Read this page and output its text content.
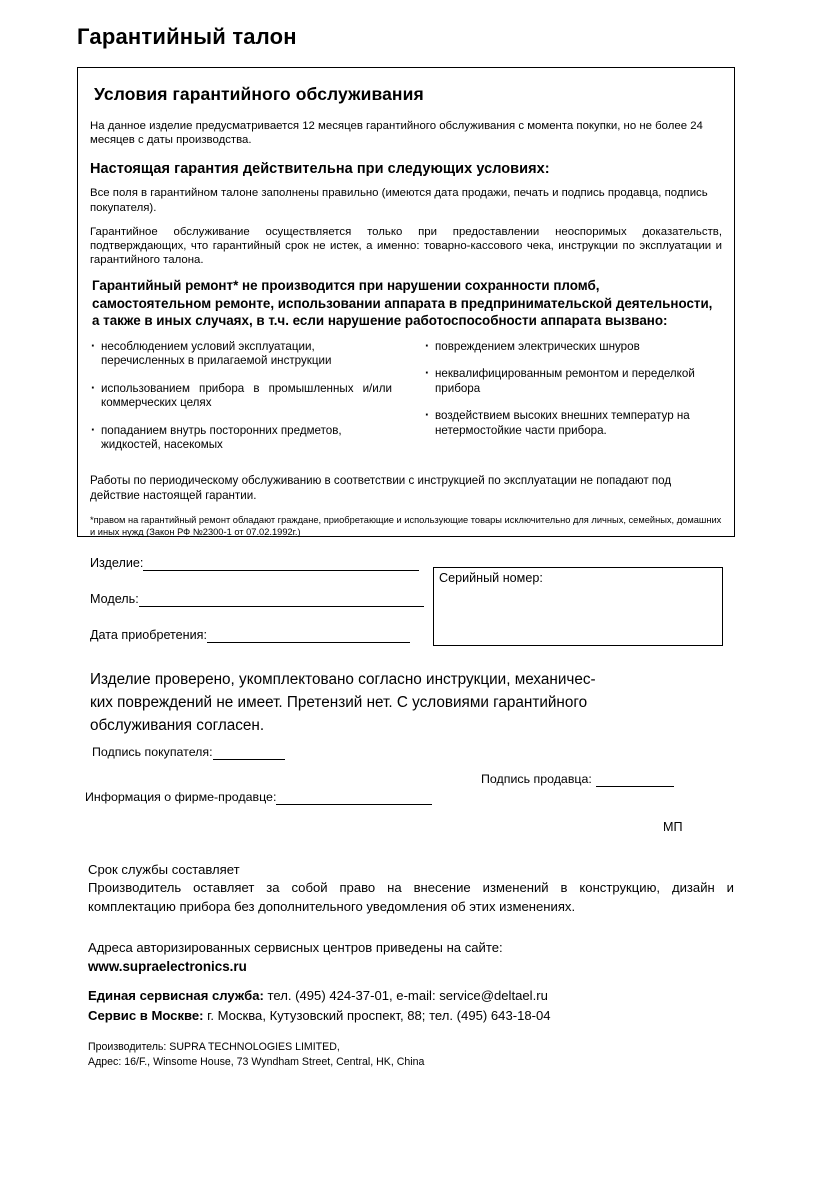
Гарантийный талон
Условия гарантийного обслуживания
На данное изделие предусматривается 12 месяцев гарантийного обслуживания с момента покупки, но не более 24 месяцев с даты производства.
Настоящая гарантия действительна при следующих условиях:
Все поля в гарантийном талоне заполнены правильно (имеются дата продажи, печать и подпись продавца, подпись покупателя).
Гарантийное обслуживание осуществляется только при предоставлении неоспоримых доказательств, подтверждающих, что гарантийный срок не истек, а именно: товарно-кассового чека, инструкции по эксплуатации и гарантийного талона.
Гарантийный ремонт* не производится при нарушении сохранности пломб, самостоятельном ремонте, использовании аппарата в предпринимательской деятельности, а также в иных случаях, в т.ч. если нарушение работоспособности аппарата вызвано:
· несоблюдением условий эксплуатации, перечисленных в прилагаемой инструкции
· использованием прибора в промышленных и/или коммерческих целях
· попаданием внутрь посторонних предметов, жидкостей, насекомых
· повреждением электрических шнуров
· неквалифицированным ремонтом и переделкой прибора
· воздействием высоких внешних температур на нетермостойкие части прибора.
Работы по периодическому обслуживанию в соответствии с инструкцией по эксплуатации не попадают под действие настоящей гарантии.
*правом на гарантийный ремонт обладают граждане, приобретающие и использующие товары исключительно для личных, семейных, домашних и иных нужд (Закон РФ №2300-1 от 07.02.1992г.)
Изделие:
Модель:
Дата приобретения:
Серийный номер:
Изделие проверено, укомплектовано согласно инструкции, механичес-
ких повреждений не имеет. Претензий нет. С условиями гарантийного
обслуживания согласен.
Подпись покупателя:
Подпись продавца:
Информация о фирме-продавце:
МП
Срок службы составляет
Производитель оставляет за собой право на внесение изменений в конструкцию, дизайн и комплектацию прибора без дополнительного уведомления об этих изменениях.
Адреса авторизированных сервисных центров приведены на сайте:
www.supraelectronics.ru
Единая сервисная служба: тел. (495) 424-37-01, e-mail: service@deltael.ru
Сервис в Москве: г. Москва, Кутузовский проспект, 88; тел. (495) 643-18-04
Производитель: SUPRA TECHNOLOGIES LIMITED,
Адрес: 16/F., Winsome House, 73 Wyndham Street, Central, HK, China
